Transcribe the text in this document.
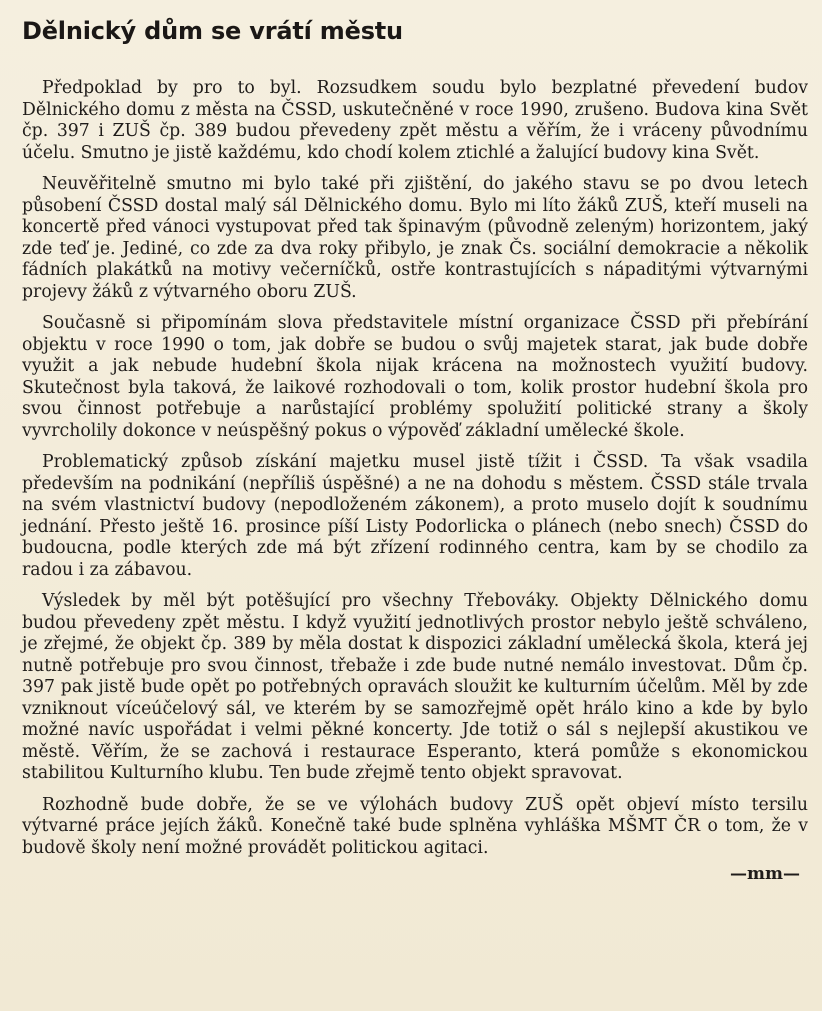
Dělnický dům se vrátí městu

Předpoklad by pro to byl. Rozsudkem soudu bylo bezplatné převedení budov Dělnického domu z města na ČSSD, uskutečněné v roce 1990, zrušeno. Budova kina Svět čp. 397 i ZUŠ čp. 389 budou převedeny zpět městu a věřím, že i vráceny původnímu účelu. Smutno je jistě každému, kdo chodí kolem ztichlé a žalující budovy kina Svět.

Neuvěřitelně smutno mi bylo také při zjištění, do jakého stavu se po dvou letech působení ČSSD dostal malý sál Dělnického domu. Bylo mi líto žáků ZUŠ, kteří museli na koncertě před vánoci vystupovat před tak špinavým (původně zeleným) horizontem, jaký zde teď je. Jediné, co zde za dva roky přibylo, je znak Čs. sociální demokracie a několik fádních plakátků na motivy večerníčků, ostře kontrastujících s nápaditými výtvarnými projevy žáků z výtvarného oboru ZUŠ.

Současně si připomínám slova představitele místní organizace ČSSD při přebírání objektu v roce 1990 o tom, jak dobře se budou o svůj majetek starat, jak bude dobře využit a jak nebude hudební škola nijak krácena na možnostech využití budovy. Skutečnost byla taková, že laikové rozhodovali o tom, kolik prostor hudební škola pro svou činnost potřebuje a narůstající problémy spolužití politické strany a školy vyvrcholily dokonce v neúspěšný pokus o výpověď základní umělecké škole.

Problematický způsob získání majetku musel jistě tížit i ČSSD. Ta však vsadila především na podnikání (nepříliš úspěšné) a ne na dohodu s městem. ČSSD stále trvala na svém vlastnictví budovy (nepodloženém zákonem), a proto muselo dojít k soudnímu jednání. Přesto ještě 16. prosince píší Listy Podorlicka o plánech (nebo snech) ČSSD do budoucna, podle kterých zde má být zřízení rodinného centra, kam by se chodilo za radou i za zábavou.

Výsledek by měl být potěšující pro všechny Třebováky. Objekty Dělnického domu budou převedeny zpět městu. I když využití jednotlivých prostor nebylo ještě schváleno, je zřejmé, že objekt čp. 389 by měla dostat k dispozici základní umělecká škola, která jej nutně potřebuje pro svou činnost, třebaže i zde bude nutné nemálo investovat. Dům čp. 397 pak jistě bude opět po potřebných opravách sloužit ke kulturním účelům. Měl by zde vzniknout víceúčelový sál, ve kterém by se samozřejmě opět hrálo kino a kde by bylo možné navíc uspořádat i velmi pěkné koncerty. Jde totiž o sál s nejlepší akustikou ve městě. Věřím, že se zachová i restaurace Esperanto, která pomůže s ekonomickou stabilitou Kulturního klubu. Ten bude zřejmě tento objekt spravovat.

Rozhodně bude dobře, že se ve výlohách budovy ZUŠ opět objeví místo tersilu výtvarné práce jejích žáků. Konečně také bude splněna vyhláška MŠMT ČR o tom, že v budově školy není možné provádět politickou agitaci.

—mm—
